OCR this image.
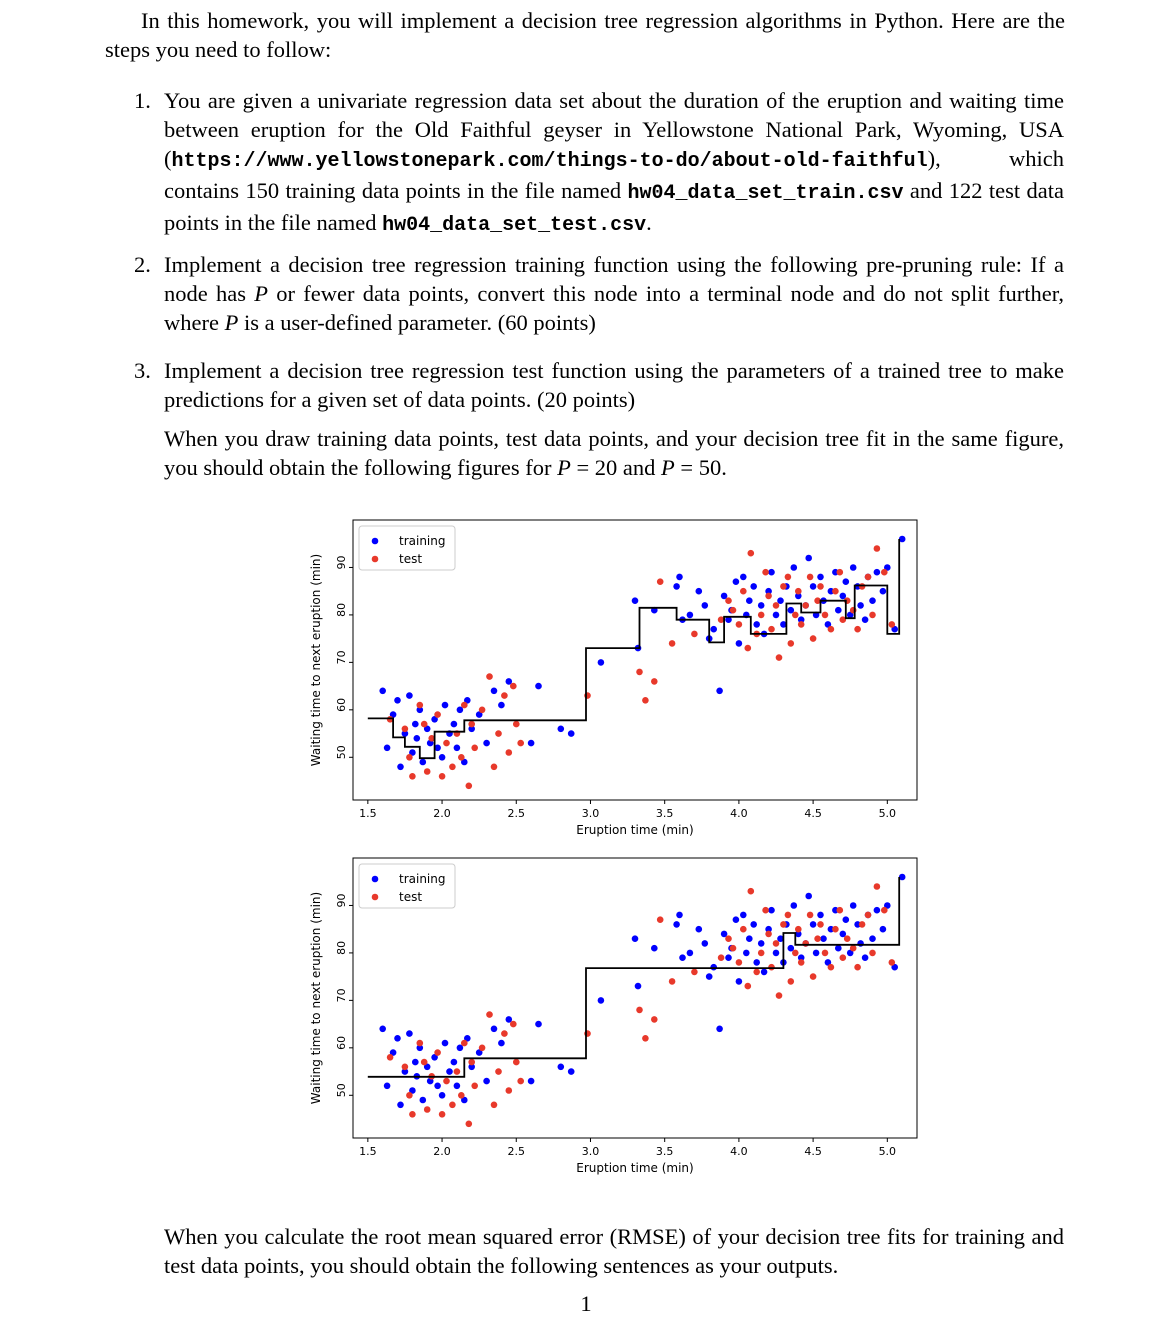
In this homework, you will implement a decision tree regression algorithms in Python. Here are the steps you need to follow:
1. You are given a univariate regression data set about the duration of the eruption and waiting time between eruption for the Old Faithful geyser in Yellowstone National Park, Wyoming, USA (https://www.yellowstonepark.com/things-to-do/about-old-faithful), which contains 150 training data points in the file named hw04_data_set_train.csv and 122 test data points in the file named hw04_data_set_test.csv.
2. Implement a decision tree regression training function using the following pre-pruning rule: If a node has P or fewer data points, convert this node into a terminal node and do not split further, where P is a user-defined parameter. (60 points)
3. Implement a decision tree regression test function using the parameters of a trained tree to make predictions for a given set of data points. (20 points)
When you draw training data points, test data points, and your decision tree fit in the same figure, you should obtain the following figures for P = 20 and P = 50.
1.5	2.0	2.5	3.0	3.5	4.0	4.5	5.0
50
60
70
80
90
Eruption time (min)
Waiting time to next eruption (min)
training
test
1.5	2.0	2.5	3.0	3.5	4.0	4.5	5.0
50
60
70
80
90
Eruption time (min)
Waiting time to next eruption (min)
training
test
When you calculate the root mean squared error (RMSE) of your decision tree fits for training and test data points, you should obtain the following sentences as your outputs.
1
